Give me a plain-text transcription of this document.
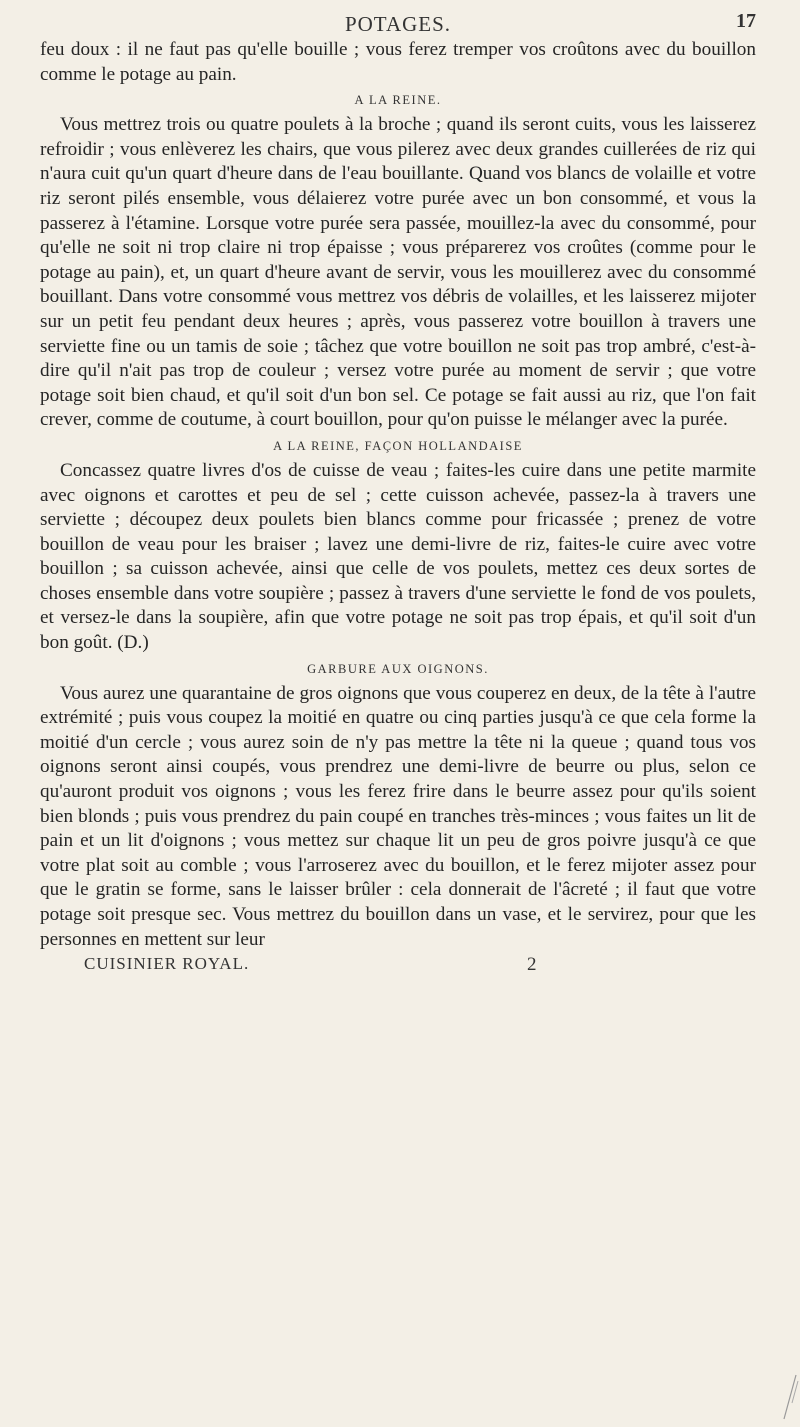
POTAGES.	17

feu doux : il ne faut pas qu'elle bouille ; vous ferez tremper vos croûtons avec du bouillon comme le potage au pain.

A LA REINE.

Vous mettrez trois ou quatre poulets à la broche ; quand ils seront cuits, vous les laisserez refroidir ; vous enlèverez les chairs, que vous pilerez avec deux grandes cuillerées de riz qui n'aura cuit qu'un quart d'heure dans de l'eau bouillante. Quand vos blancs de volaille et votre riz seront pilés ensemble, vous délaierez votre purée avec un bon consommé, et vous la passerez à l'étamine. Lorsque votre purée sera passée, mouillez-la avec du consommé, pour qu'elle ne soit ni trop claire ni trop épaisse ; vous préparerez vos croûtes (comme pour le potage au pain), et, un quart d'heure avant de servir, vous les mouillerez avec du consommé bouillant. Dans votre consommé vous mettrez vos débris de volailles, et les laisserez mijoter sur un petit feu pendant deux heures ; après, vous passerez votre bouillon à travers une serviette fine ou un tamis de soie ; tâchez que votre bouillon ne soit pas trop ambré, c'est-à-dire qu'il n'ait pas trop de couleur ; versez votre purée au moment de servir ; que votre potage soit bien chaud, et qu'il soit d'un bon sel. Ce potage se fait aussi au riz, que l'on fait crever, comme de coutume, à court bouillon, pour qu'on puisse le mélanger avec la purée.

A LA REINE, FAÇON HOLLANDAISE

Concassez quatre livres d'os de cuisse de veau ; faites-les cuire dans une petite marmite avec oignons et carottes et peu de sel ; cette cuisson achevée, passez-la à travers une serviette ; découpez deux poulets bien blancs comme pour fricassée ; prenez de votre bouillon de veau pour les braiser ; lavez une demi-livre de riz, faites-le cuire avec votre bouillon ; sa cuisson achevée, ainsi que celle de vos poulets, mettez ces deux sortes de choses ensemble dans votre soupière ; passez à travers d'une serviette le fond de vos poulets, et versez-le dans la soupière, afin que votre potage ne soit pas trop épais, et qu'il soit d'un bon goût. (D.)

GARBURE AUX OIGNONS.

Vous aurez une quarantaine de gros oignons que vous couperez en deux, de la tête à l'autre extrémité ; puis vous coupez la moitié en quatre ou cinq parties jusqu'à ce que cela forme la moitié d'un cercle ; vous aurez soin de n'y pas mettre la tête ni la queue ; quand tous vos oignons seront ainsi coupés, vous prendrez une demi-livre de beurre ou plus, selon ce qu'auront produit vos oignons ; vous les ferez frire dans le beurre assez pour qu'ils soient bien blonds ; puis vous prendrez du pain coupé en tranches très-minces ; vous faites un lit de pain et un lit d'oignons ; vous mettez sur chaque lit un peu de gros poivre jusqu'à ce que votre plat soit au comble ; vous l'arroserez avec du bouillon, et le ferez mijoter assez pour que le gratin se forme, sans le laisser brûler : cela donnerait de l'âcreté ; il faut que votre potage soit presque sec. Vous mettrez du bouillon dans un vase, et le servirez, pour que les personnes en mettent sur leur

CUISINIER ROYAL.	2
